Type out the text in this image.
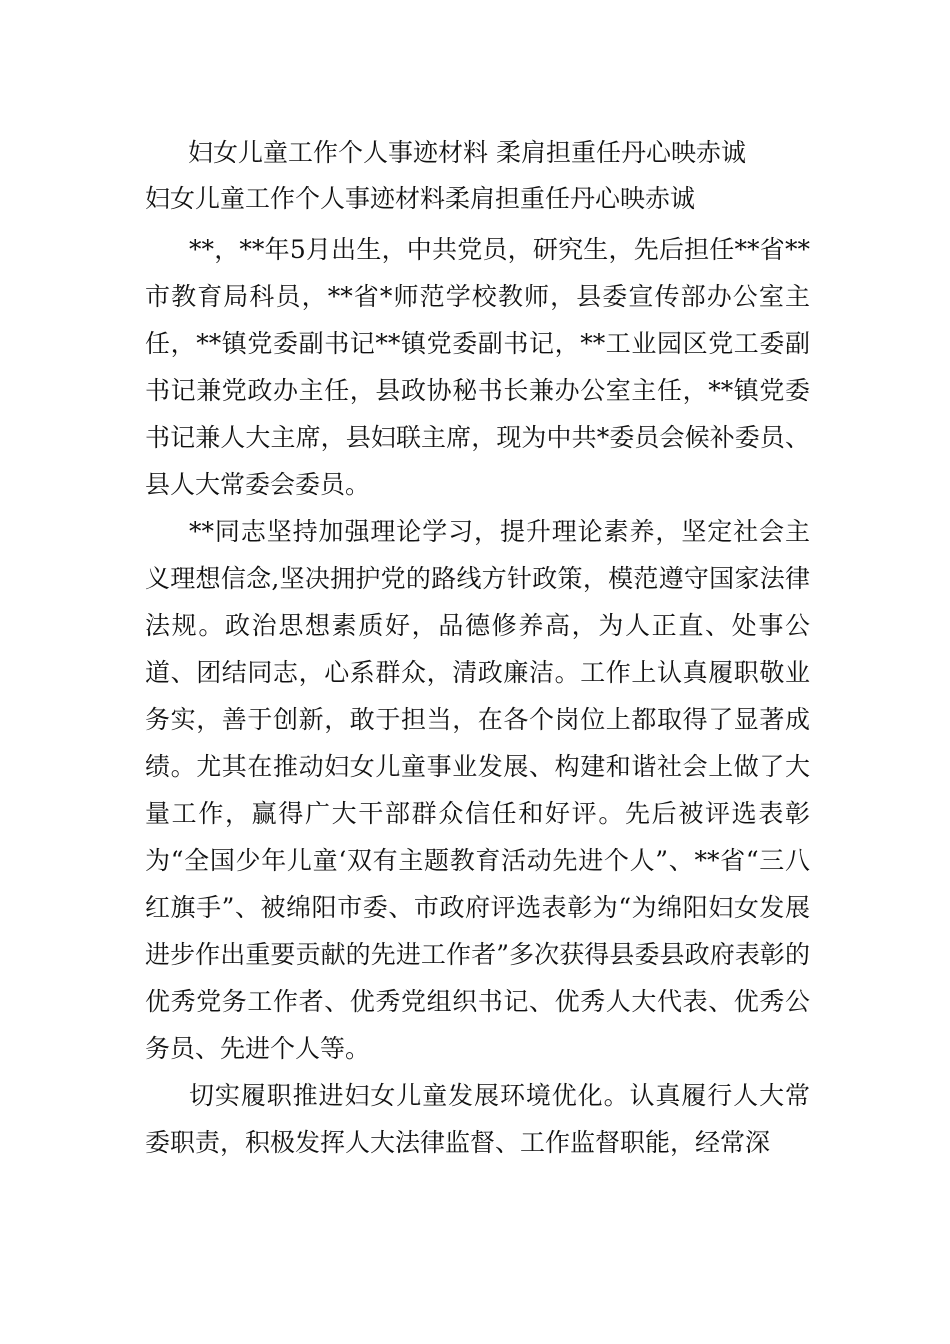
妇女儿童工作个人事迹材料 柔肩担重任丹心映赤诚
妇女儿童工作个人事迹材料柔肩担重任丹心映赤诚

**，**年5月出生，中共党员，研究生，先后担任**省**市教育局科员，**省*师范学校教师，县委宣传部办公室主任，**镇党委副书记**镇党委副书记，**工业园区党工委副书记兼党政办主任，县政协秘书长兼办公室主任，**镇党委书记兼人大主席，县妇联主席，现为中共*委员会候补委员、县人大常委会委员。

**同志坚持加强理论学习，提升理论素养，坚定社会主义理想信念,坚决拥护党的路线方针政策，模范遵守国家法律法规。政治思想素质好，品德修养高，为人正直、处事公道、团结同志，心系群众，清政廉洁。工作上认真履职敬业务实，善于创新，敢于担当，在各个岗位上都取得了显著成绩。尤其在推动妇女儿童事业发展、构建和谐社会上做了大量工作，赢得广大干部群众信任和好评。先后被评选表彰为“全国少年儿童‘双有主题教育活动先进个人”、**省“三八红旗手”、被绵阳市委、市政府评选表彰为“为绵阳妇女发展进步作出重要贡献的先进工作者”多次获得县委县政府表彰的优秀党务工作者、优秀党组织书记、优秀人大代表、优秀公务员、先进个人等。

切实履职推进妇女儿童发展环境优化。认真履行人大常委职责，积极发挥人大法律监督、工作监督职能，经常深
